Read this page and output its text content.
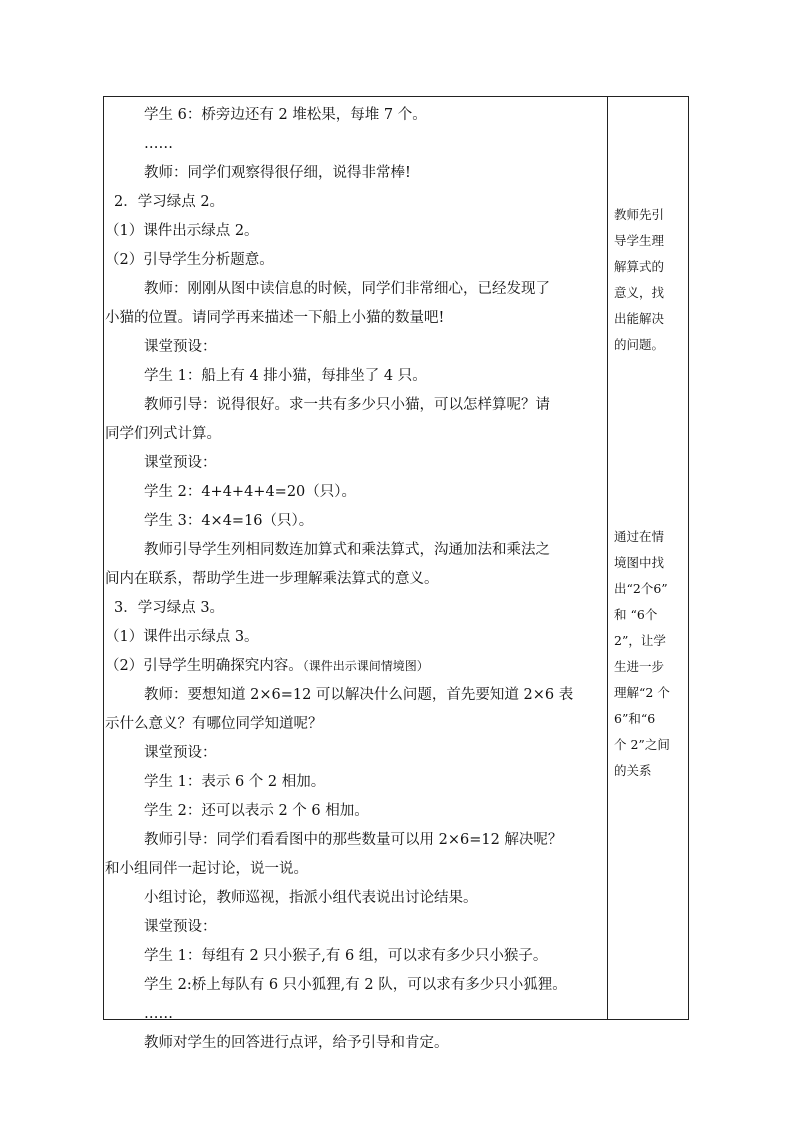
学生 6：桥旁边还有 2 堆松果，每堆 7 个。
……
教师：同学们观察得很仔细，说得非常棒!
2．学习绿点 2。
（1）课件出示绿点 2。
（2）引导学生分析题意。
教师：刚刚从图中读信息的时候，同学们非常细心，已经发现了
小猫的位置。请同学再来描述一下船上小猫的数量吧!
课堂预设：
学生 1：船上有 4 排小猫，每排坐了 4 只。
教师引导：说得很好。求一共有多少只小猫，可以怎样算呢？请
同学们列式计算。
课堂预设：
学生 2：4+4+4+4=20（只）。
学生 3：4×4=16（只）。
教师引导学生列相同数连加算式和乘法算式，沟通加法和乘法之
间内在联系，帮助学生进一步理解乘法算式的意义。
3．学习绿点 3。
（1）课件出示绿点 3。
（2）引导学生明确探究内容。（课件出示课间情境图）
教师：要想知道 2×6=12 可以解决什么问题，首先要知道 2×6 表
示什么意义？有哪位同学知道呢？
课堂预设：
学生 1：表示 6 个 2 相加。
学生 2：还可以表示 2 个 6 相加。
教师引导：同学们看看图中的那些数量可以用 2×6=12 解决呢？
和小组同伴一起讨论，说一说。
小组讨论，教师巡视，指派小组代表说出讨论结果。
课堂预设：
学生 1：每组有 2 只小猴子,有 6 组，可以求有多少只小猴子。
学生 2:桥上每队有 6 只小狐狸,有 2 队，可以求有多少只小狐狸。
……
教师对学生的回答进行点评，给予引导和肯定。
教师先引
导学生理
解算式的
意义，找
出能解决
的问题。
通过在情
境图中找
出“2个6”
和 “6个
2”，让学
生进一步
理解“2 个
6”和“6
个 2”之间
的关系
